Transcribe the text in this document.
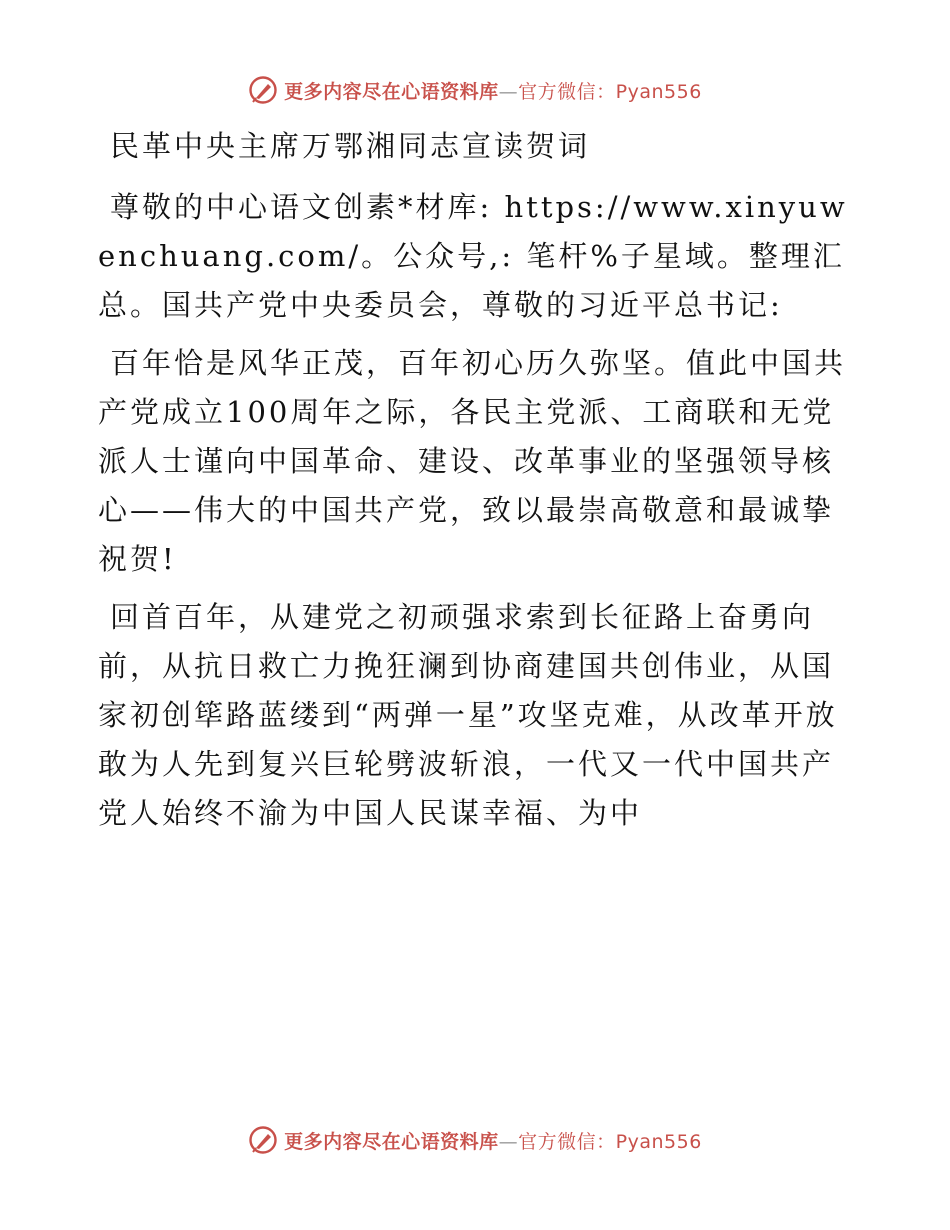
更多内容尽在心语资料库—官方微信：Pyan556

民革中央主席万鄂湘同志宣读贺词

尊敬的中心语文创素*材库: https://www.xinyuwenchuang.com/。公众号,: 笔杆%子星域。整理汇总。国共产党中央委员会，尊敬的习近平总书记:

百年恰是风华正茂，百年初心历久弥坚。值此中国共产党成立100周年之际，各民主党派、工商联和无党派人士谨向中国革命、建设、改革事业的坚强领导核心——伟大的中国共产党，致以最崇高敬意和最诚挚祝贺!

回首百年，从建党之初顽强求索到长征路上奋勇向前，从抗日救亡力挽狂澜到协商建国共创伟业，从国家初创筚路蓝缕到“两弹一星”攻坚克难，从改革开放敢为人先到复兴巨轮劈波斩浪，一代又一代中国共产党人始终不渝为中国人民谋幸福、为中

更多内容尽在心语资料库—官方微信：Pyan556
